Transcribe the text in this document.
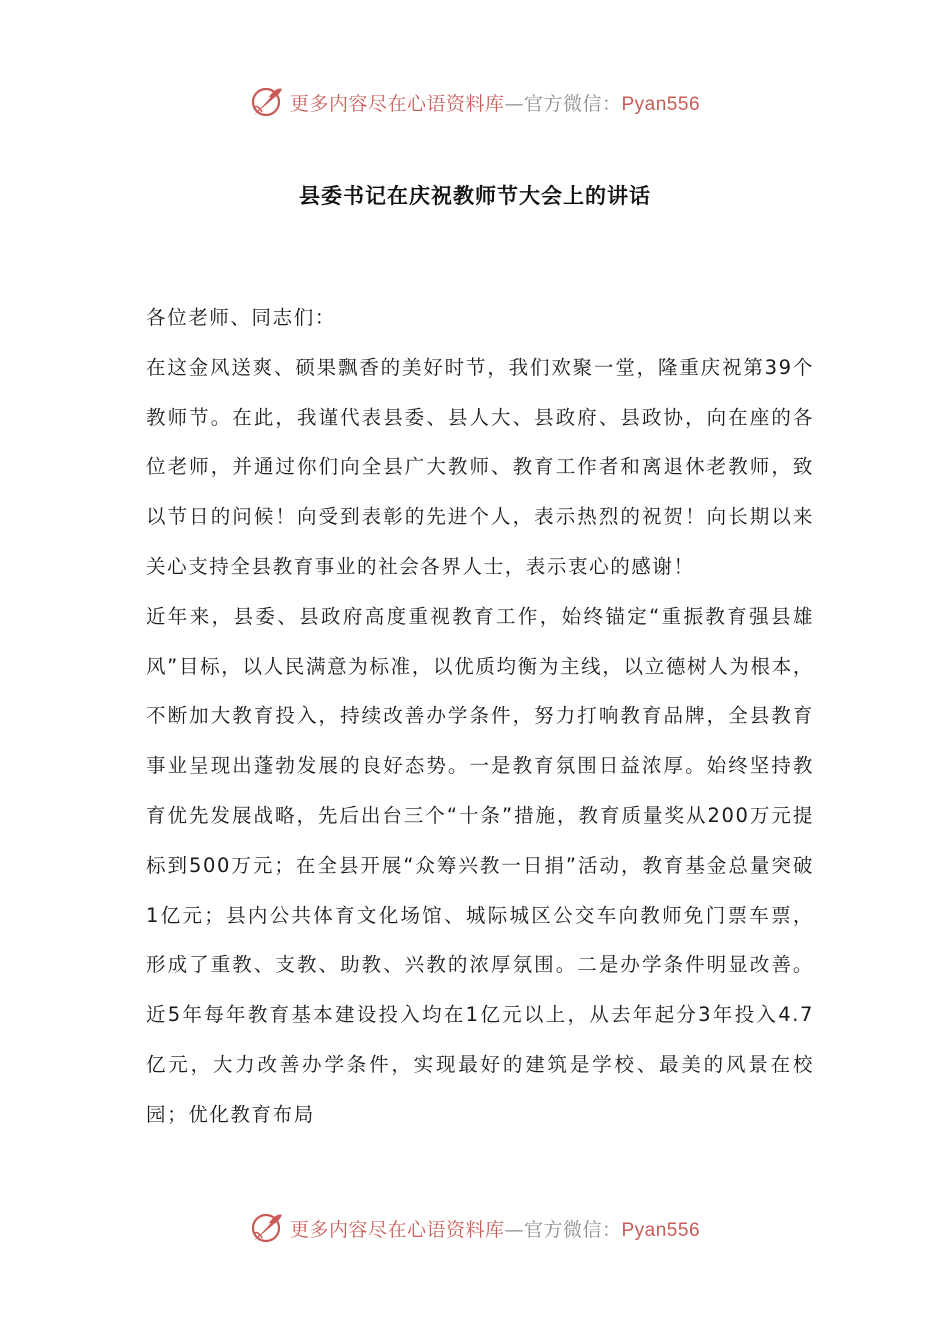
更多内容尽在心语资料库—官方微信：Pyan556
县委书记在庆祝教师节大会上的讲话

各位老师、同志们：

在这金风送爽、硕果飘香的美好时节，我们欢聚一堂，隆重庆祝第39个教师节。在此，我谨代表县委、县人大、县政府、县政协，向在座的各位老师，并通过你们向全县广大教师、教育工作者和离退休老教师，致以节日的问候！向受到表彰的先进个人，表示热烈的祝贺！向长期以来关心支持全县教育事业的社会各界人士，表示衷心的感谢！

近年来，县委、县政府高度重视教育工作，始终锚定“重振教育强县雄风”目标，以人民满意为标准，以优质均衡为主线，以立德树人为根本，不断加大教育投入，持续改善办学条件，努力打响教育品牌，全县教育事业呈现出蓬勃发展的良好态势。一是教育氛围日益浓厚。始终坚持教育优先发展战略，先后出台三个“十条”措施，教育质量奖从200万元提标到500万元；在全县开展“众筹兴教一日捐”活动，教育基金总量突破1亿元；县内公共体育文化场馆、城际城区公交车向教师免门票车票，形成了重教、支教、助教、兴教的浓厚氛围。二是办学条件明显改善。近5年每年教育基本建设投入均在1亿元以上，从去年起分3年投入4.7亿元，大力改善办学条件，实现最好的建筑是学校、最美的风景在校园；优化教育布局

更多内容尽在心语资料库—官方微信：Pyan556
